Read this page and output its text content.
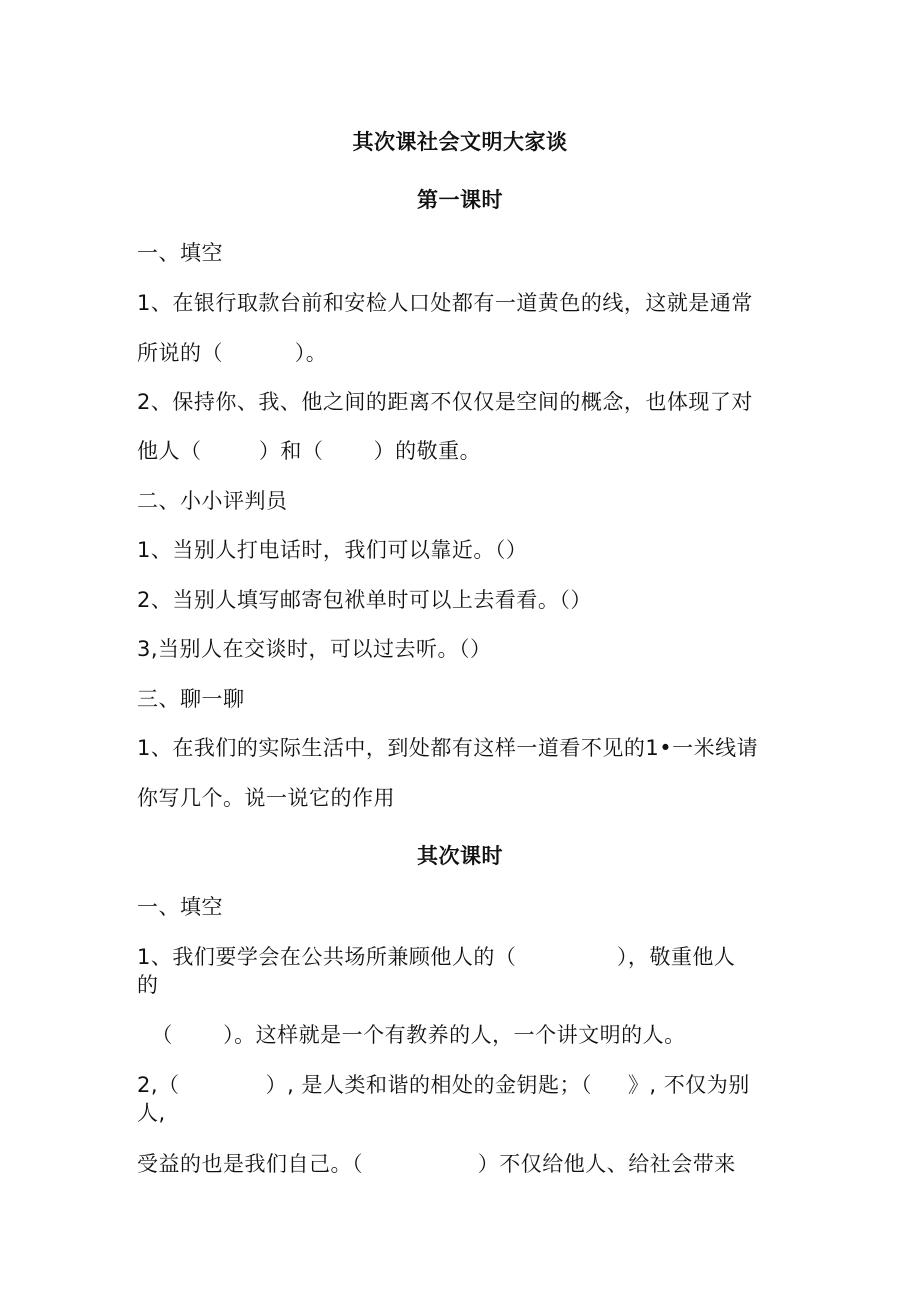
其次课社会文明大家谈
第一课时
一、填空
1、在银行取款台前和安检人口处都有一道黄色的线，这就是通常
所说的（          ）。
2、保持你、我、他之间的距离不仅仅是空间的概念，也体现了对
他人（        ）和（       ）的敬重。
二、小小评判员
1、当别人打电话时，我们可以靠近。（）
2、当别人填写邮寄包袱单时可以上去看看。（）
3,当别人在交谈时，可以过去听。（）
三、聊一聊
1、在我们的实际生活中，到处都有这样一道看不见的1•一米线请
你写几个。说一说它的作用
其次课时
一、填空
1、我们要学会在公共场所兼顾他人的（              ），敬重他人
的
（       ）。这样就是一个有教养的人，一个讲文明的人。
2,（            ）, 是人类和谐的相处的金钥匙；（     》, 不仅为别
人,
受益的也是我们自己。（                ）不仅给他人、给社会带来
